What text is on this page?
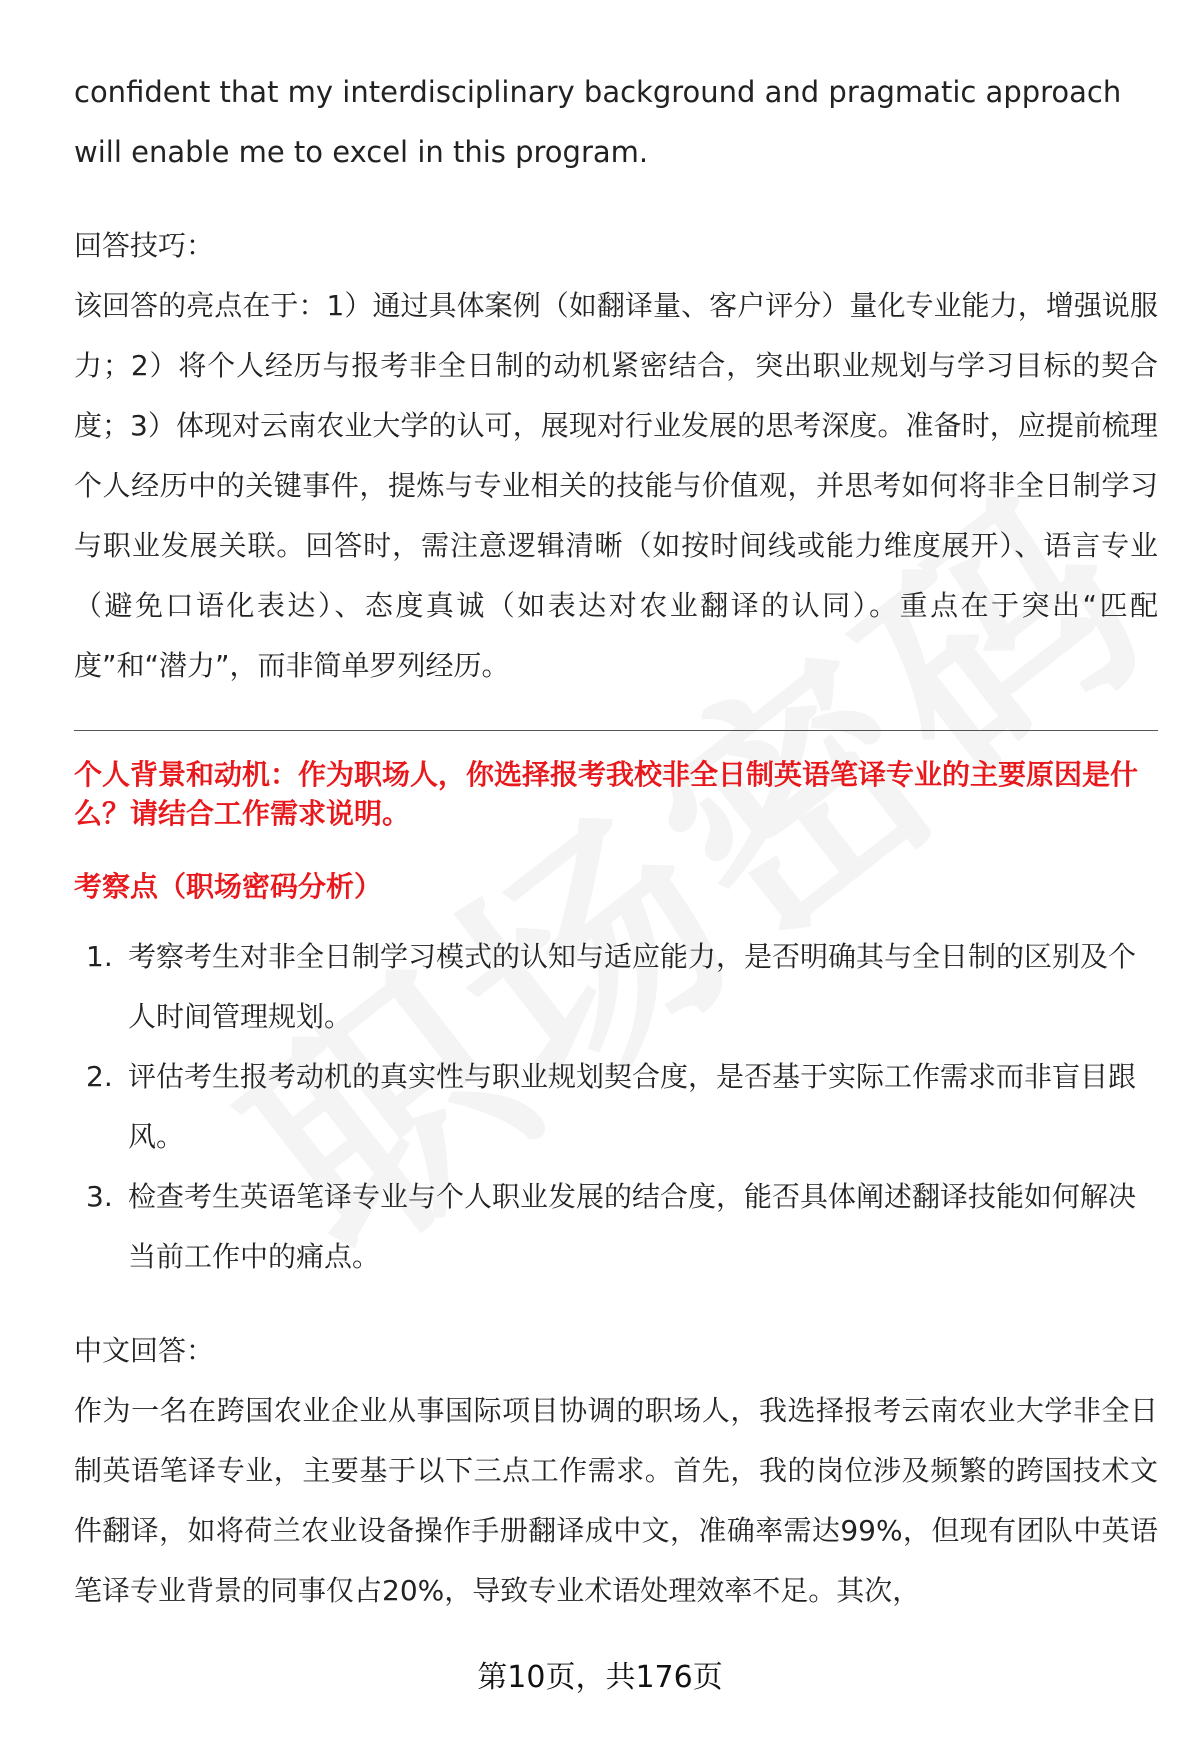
confident that my interdisciplinary background and pragmatic approach will enable me to excel in this program.

回答技巧：

该回答的亮点在于：1）通过具体案例（如翻译量、客户评分）量化专业能力，增强说服力；2）将个人经历与报考非全日制的动机紧密结合，突出职业规划与学习目标的契合度；3）体现对云南农业大学的认可，展现对行业发展的思考深度。准备时，应提前梳理个人经历中的关键事件，提炼与专业相关的技能与价值观，并思考如何将非全日制学习与职业发展关联。回答时，需注意逻辑清晰（如按时间线或能力维度展开）、语言专业（避免口语化表达）、态度真诚（如表达对农业翻译的认同）。重点在于突出“匹配度”和“潜力”，而非简单罗列经历。

个人背景和动机：作为职场人，你选择报考我校非全日制英语笔译专业的主要原因是什么？请结合工作需求说明。

考察点（职场密码分析）

1. 考察考生对非全日制学习模式的认知与适应能力，是否明确其与全日制的区别及个人时间管理规划。
2. 评估考生报考动机的真实性与职业规划契合度，是否基于实际工作需求而非盲目跟风。
3. 检查考生英语笔译专业与个人职业发展的结合度，能否具体阐述翻译技能如何解决当前工作中的痛点。

中文回答：

作为一名在跨国农业企业从事国际项目协调的职场人，我选择报考云南农业大学非全日制英语笔译专业，主要基于以下三点工作需求。首先，我的岗位涉及频繁的跨国技术文件翻译，如将荷兰农业设备操作手册翻译成中文，准确率需达99%，但现有团队中英语笔译专业背景的同事仅占20%，导致专业术语处理效率不足。其次，

第10页，共176页
